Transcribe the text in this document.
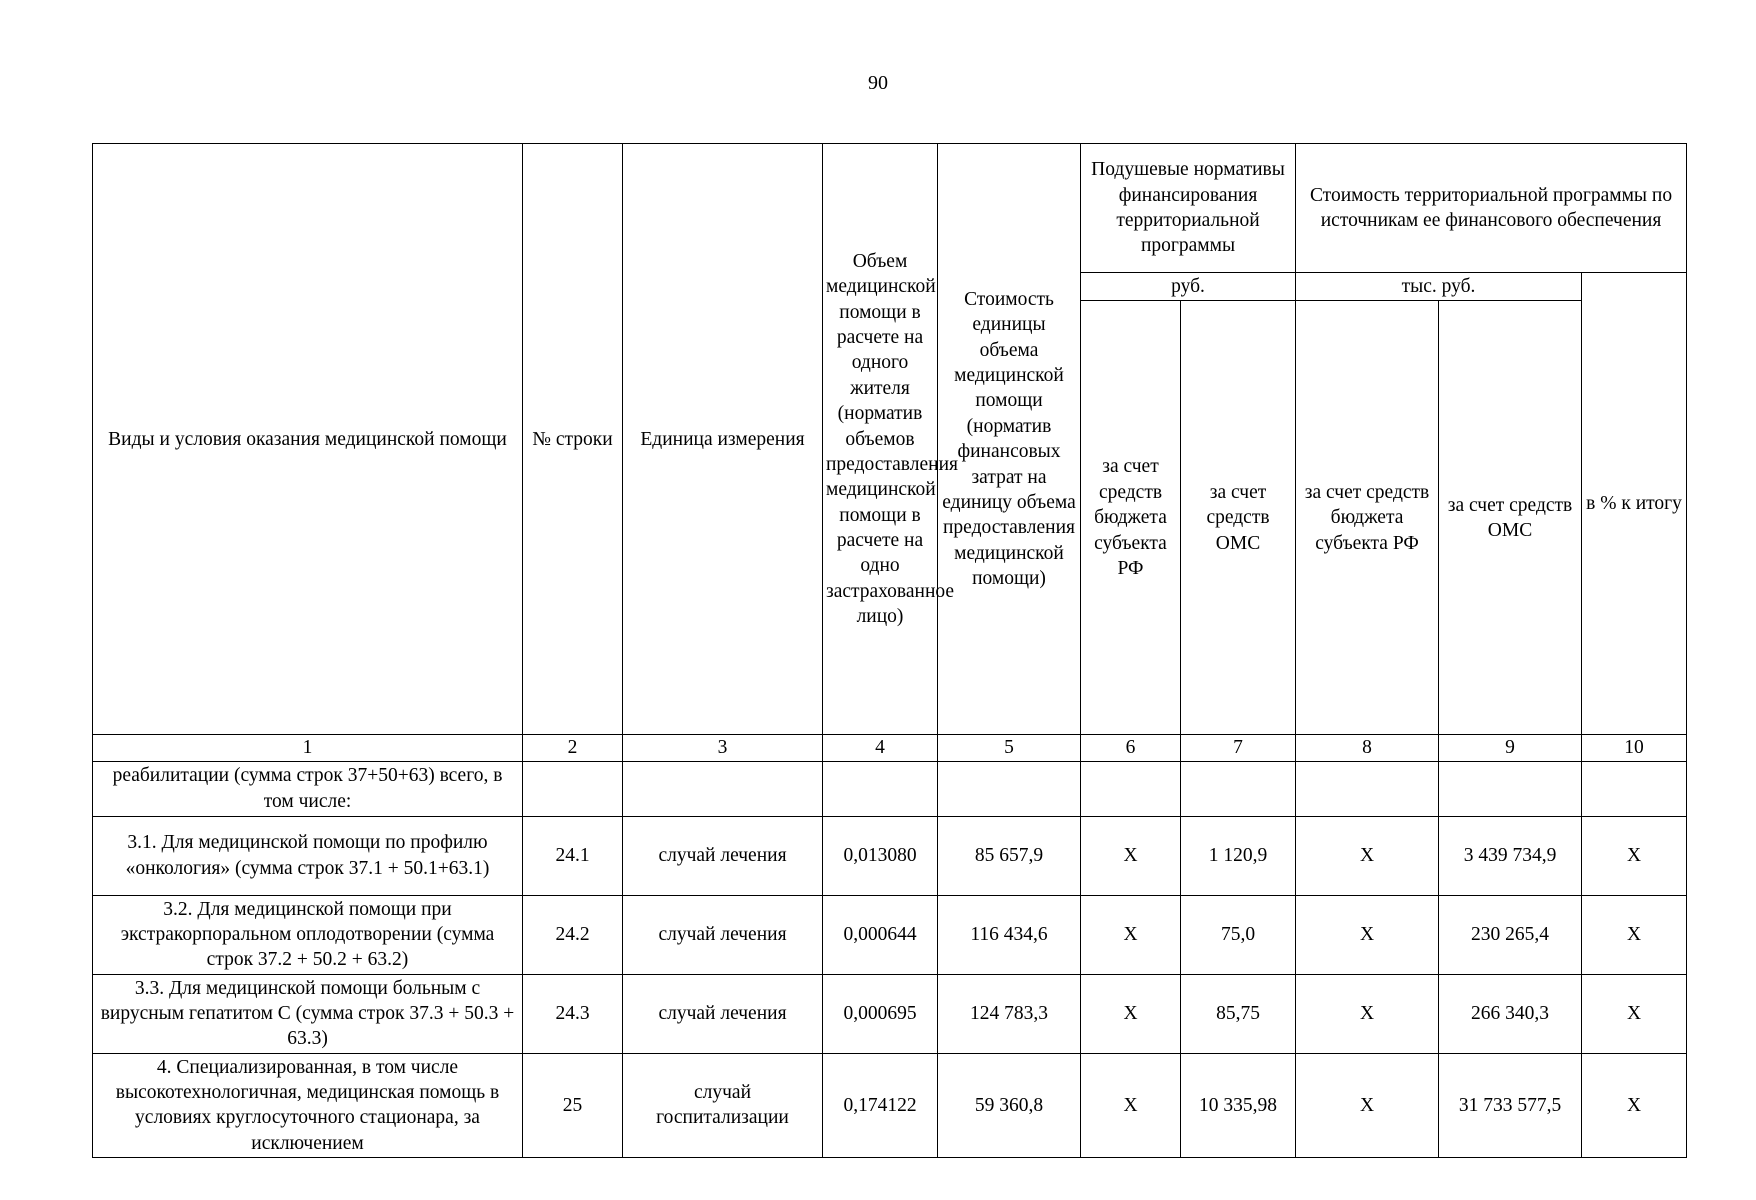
90
Виды и условия оказания медицинской помощи	№ строки	Единица измерения	Объем медицинской помощи в расчете на одного жителя (норматив объемов предоставления медицинской помощи в расчете на одно застрахованное лицо)	Стоимость единицы объема медицинской помощи (норматив финансовых затрат на единицу объема предоставления медицинской помощи)	Подушевые нормативы финансирования территориальной программы		Стоимость территориальной программы по источникам ее финансового обеспечения		
					руб.		тыс. руб.		в % к итогу
					за счет средств бюджета субъекта РФ	за счет средств ОМС	за счет средств бюджета субъекта РФ	за счет средств ОМС	
1	2	3	4	5	6	7	8	9	10
реабилитации (сумма строк 37+50+63) всего, в том числе:									
3.1. Для медицинской помощи по профилю «онкология» (сумма строк 37.1 + 50.1+63.1)	24.1	случай лечения	0,013080	85 657,9	X	1 120,9	X	3 439 734,9	X
3.2. Для медицинской помощи при экстракорпоральном оплодотворении (сумма строк 37.2 + 50.2 + 63.2)	24.2	случай лечения	0,000644	116 434,6	X	75,0	X	230 265,4	X
3.3. Для медицинской помощи больным с вирусным гепатитом С (сумма строк 37.3 + 50.3 + 63.3)	24.3	случай лечения	0,000695	124 783,3	X	85,75	X	266 340,3	X
4. Специализированная, в том числе высокотехнологичная, медицинская помощь в условиях круглосуточного стационара, за исключением	25	случай госпитализации	0,174122	59 360,8	X	10 335,98	X	31 733 577,5	X
